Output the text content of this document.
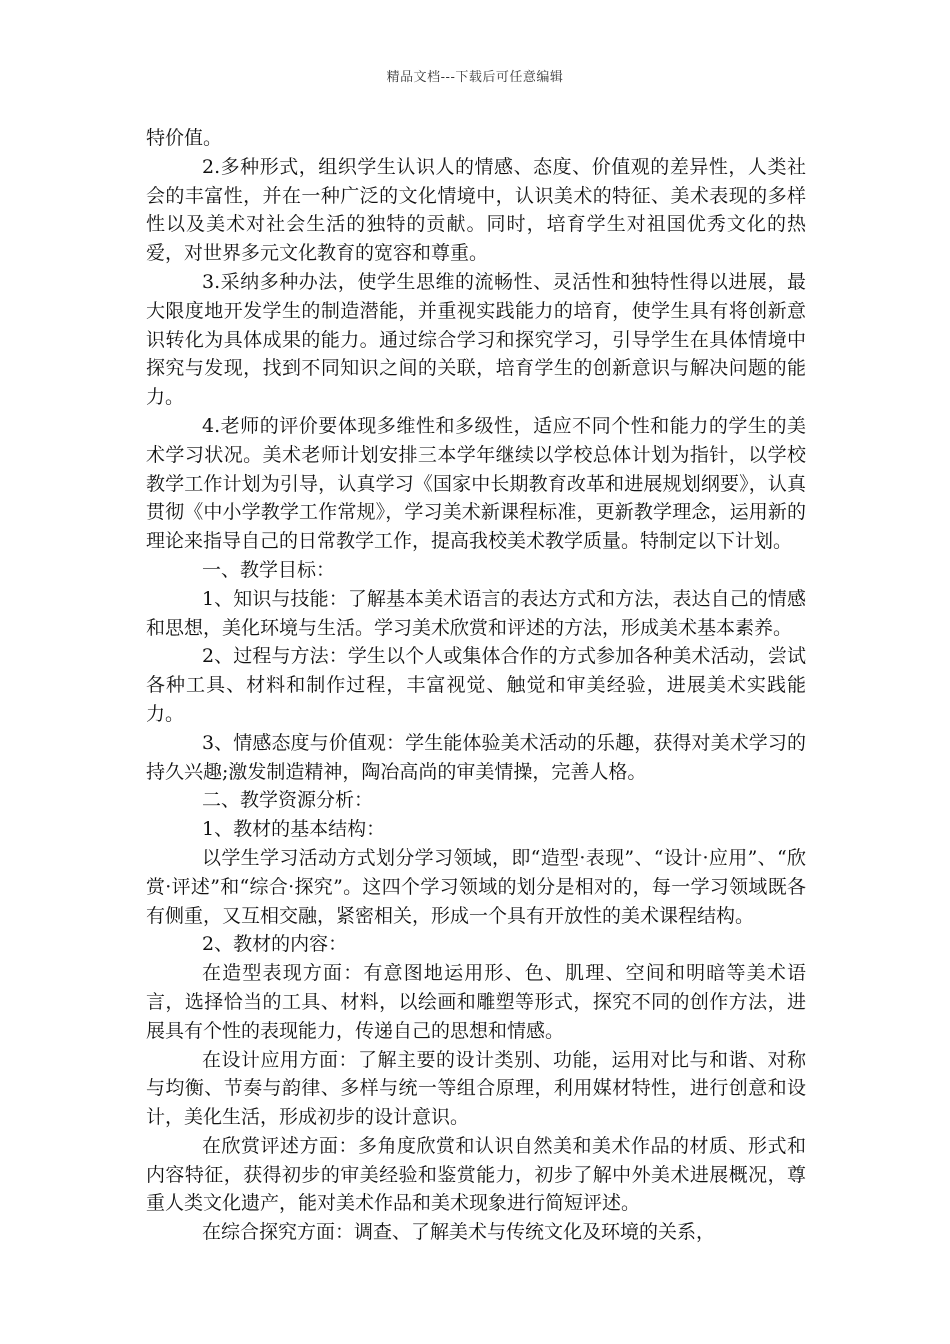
精品文档---下载后可任意编辑

特价值。

2.多种形式，组织学生认识人的情感、态度、价值观的差异性，人类社会的丰富性，并在一种广泛的文化情境中，认识美术的特征、美术表现的多样性以及美术对社会生活的独特的贡献。同时，培育学生对祖国优秀文化的热爱，对世界多元文化教育的宽容和尊重。

3.采纳多种办法，使学生思维的流畅性、灵活性和独特性得以进展，最大限度地开发学生的制造潜能，并重视实践能力的培育，使学生具有将创新意识转化为具体成果的能力。通过综合学习和探究学习，引导学生在具体情境中探究与发现，找到不同知识之间的关联，培育学生的创新意识与解决问题的能力。

4.老师的评价要体现多维性和多级性，适应不同个性和能力的学生的美术学习状况。美术老师计划安排三本学年继续以学校总体计划为指针，以学校教学工作计划为引导，认真学习《国家中长期教育改革和进展规划纲要》，认真贯彻《中小学教学工作常规》，学习美术新课程标准，更新教学理念，运用新的理论来指导自己的日常教学工作，提高我校美术教学质量。特制定以下计划。

一、教学目标：

1、知识与技能：了解基本美术语言的表达方式和方法，表达自己的情感和思想，美化环境与生活。学习美术欣赏和评述的方法，形成美术基本素养。

2、过程与方法：学生以个人或集体合作的方式参加各种美术活动，尝试各种工具、材料和制作过程，丰富视觉、触觉和审美经验，进展美术实践能力。

3、情感态度与价值观：学生能体验美术活动的乐趣，获得对美术学习的持久兴趣;激发制造精神，陶冶高尚的审美情操，完善人格。

二、教学资源分析：

1、教材的基本结构：

以学生学习活动方式划分学习领域，即“造型·表现”、“设计·应用”、“欣赏·评述”和“综合·探究”。这四个学习领域的划分是相对的，每一学习领域既各有侧重，又互相交融，紧密相关，形成一个具有开放性的美术课程结构。

2、教材的内容：

在造型表现方面：有意图地运用形、色、肌理、空间和明暗等美术语言，选择恰当的工具、材料，以绘画和雕塑等形式，探究不同的创作方法，进展具有个性的表现能力，传递自己的思想和情感。

在设计应用方面：了解主要的设计类别、功能，运用对比与和谐、对称与均衡、节奏与韵律、多样与统一等组合原理，利用媒材特性，进行创意和设计，美化生活，形成初步的设计意识。

在欣赏评述方面：多角度欣赏和认识自然美和美术作品的材质、形式和内容特征，获得初步的审美经验和鉴赏能力，初步了解中外美术进展概况，尊重人类文化遗产，能对美术作品和美术现象进行简短评述。

在综合探究方面：调查、了解美术与传统文化及环境的关系，
